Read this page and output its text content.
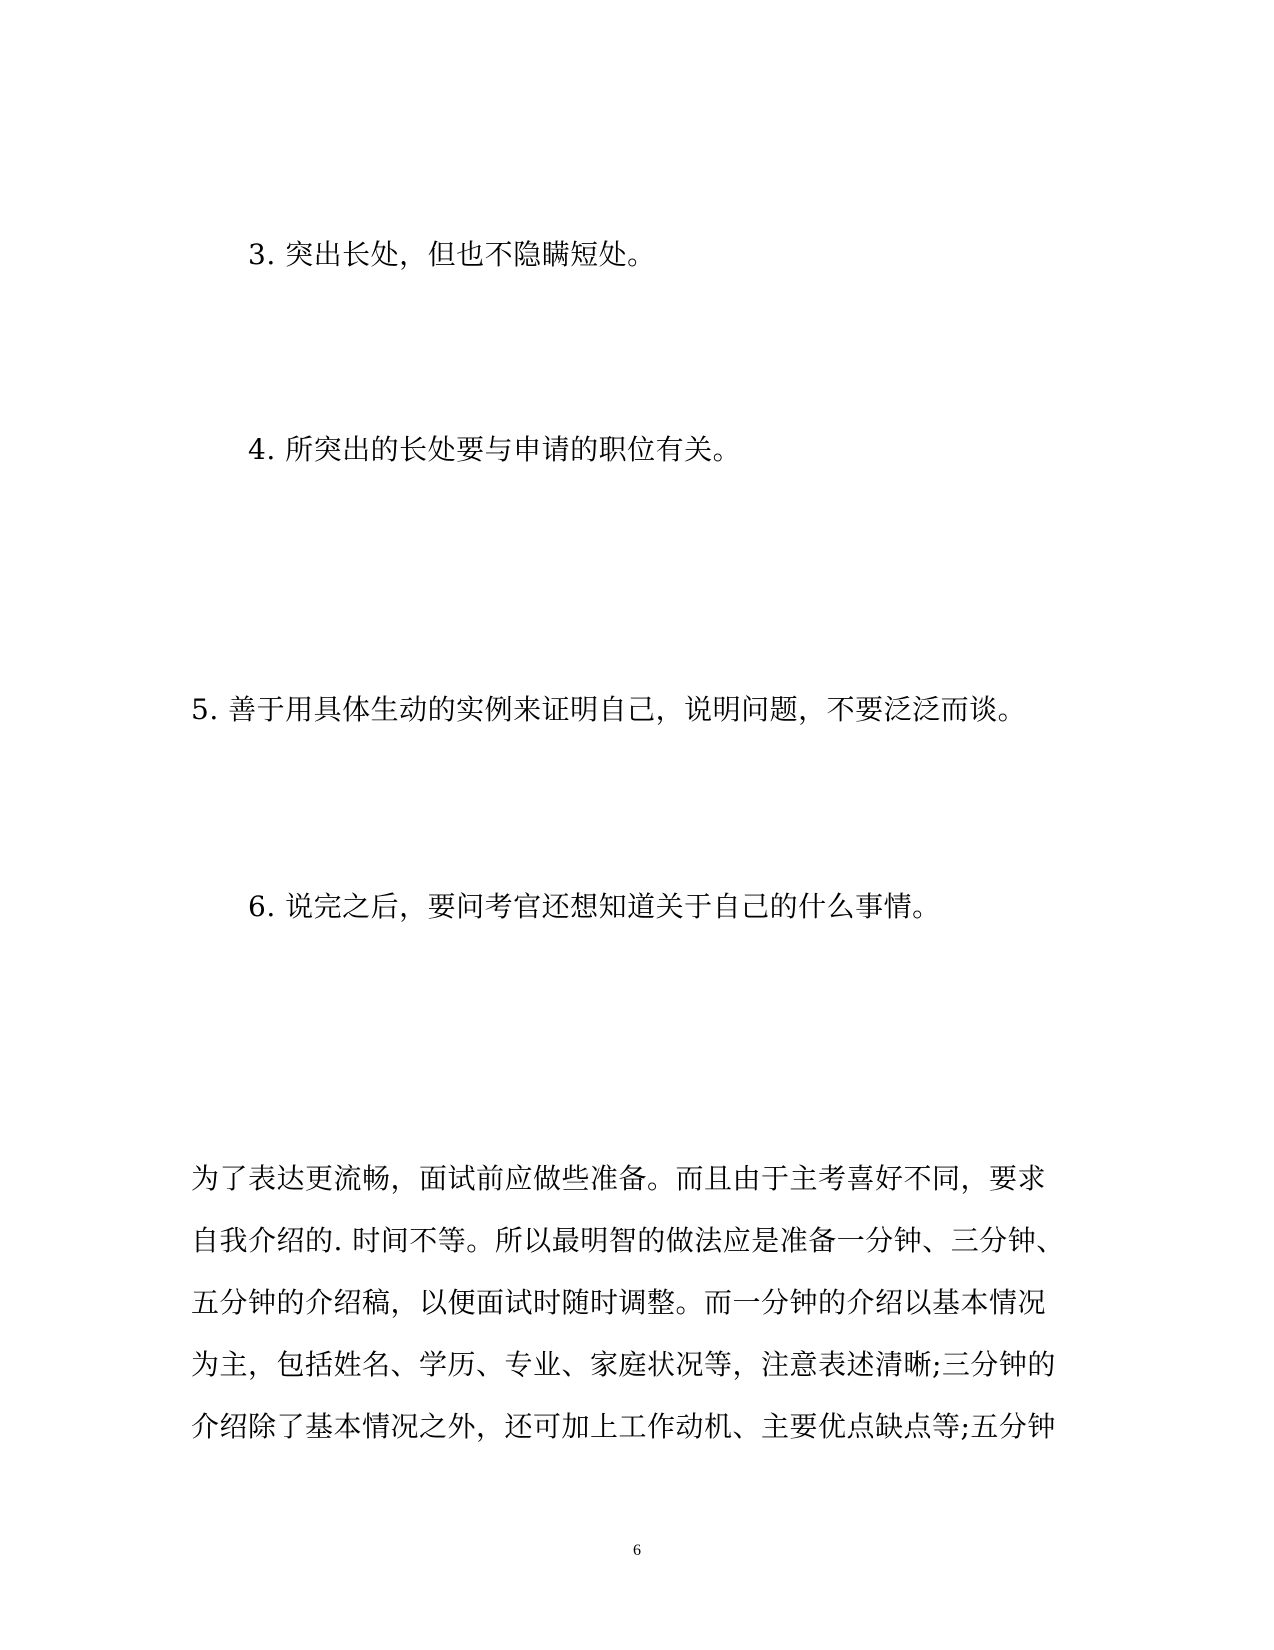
3. 突出长处，但也不隐瞒短处。
4. 所突出的长处要与申请的职位有关。
5. 善于用具体生动的实例来证明自己，说明问题，不要泛泛而谈。
6. 说完之后，要问考官还想知道关于自己的什么事情。
为了表达更流畅，面试前应做些准备。而且由于主考喜好不同，要求
自我介绍的. 时间不等。所以最明智的做法应是准备一分钟、三分钟、
五分钟的介绍稿，以便面试时随时调整。而一分钟的介绍以基本情况
为主，包括姓名、学历、专业、家庭状况等，注意表述清晰;三分钟的
介绍除了基本情况之外，还可加上工作动机、主要优点缺点等;五分钟
6
